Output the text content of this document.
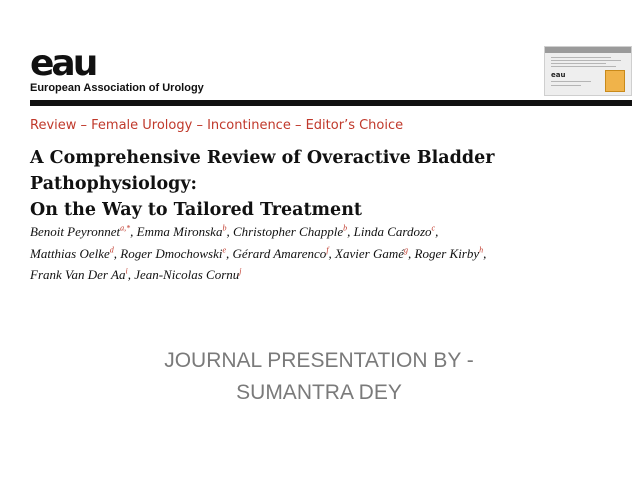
eau
European Association of Urology
eau
Review – Female Urology – Incontinence – Editor’s Choice
A Comprehensive Review of Overactive Bladder Pathophysiology:
On the Way to Tailored Treatment
Benoit Peyronnet$^{a,*}$, Emma Mironska$^b$, Christopher Chapple$^b$, Linda Cardozo$^c$,
Matthias Oelke$^d$, Roger Dmochowski$^e$, Gérard Amarenco$^f$, Xavier Gamé$^g$, Roger Kirby$^h$,
Frank Van Der Aa$^i$, Jean-Nicolas Cornu$^j$
JOURNAL PRESENTATION BY -
SUMANTRA DEY
